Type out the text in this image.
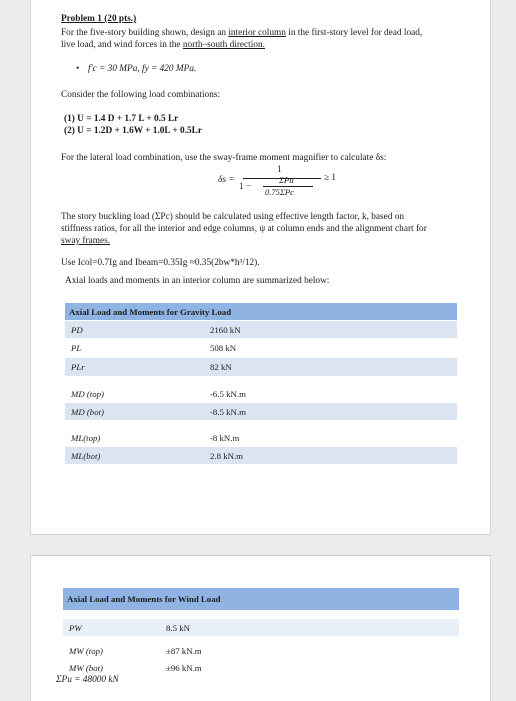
Problem 1 (20 pts.)
For the five-story building shown, design an interior column in the first-story level for dead load,
live load, and wind forces in the north–south direction.
• f′c = 30 MPa, fy = 420 MPa.
Consider the following load combinations:
(1) U = 1.4 D + 1.7 L + 0.5 Lr
(2) U = 1.2D + 1.6W + 1.0L + 0.5Lr
For the lateral load combination, use the sway-frame moment magnifier to calculate δs:
δs =
1
1 −
ΣPu
0.75ΣPc
≥ 1
The story buckling load (ΣPc) should be calculated using effective length factor, k, based on
stiffness ratios, for all the interior and edge columns, ψ at column ends and the alignment chart for
sway frames.
Use Icol=0.7Ig and Ibeam=0.35Ig ≈0.35(2bw*h³/12).
Axial loads and moments in an interior column are summarized below:
Axial Load and Moments for Gravity Load	
PD	2160 kN
PL	508 kN
PLr	82 kN

MD (top)	-6.5 kN.m
MD (bot)	-8.5 kN.m

ML(top)	-8 kN.m
ML(bot)	2.8 kN.m

Axial Load and Moments for Wind Load	

PW	8.5 kN

MW (top)	±87 kN.m
MW (bot)	±96 kN.m
ΣPu = 48000 kN
